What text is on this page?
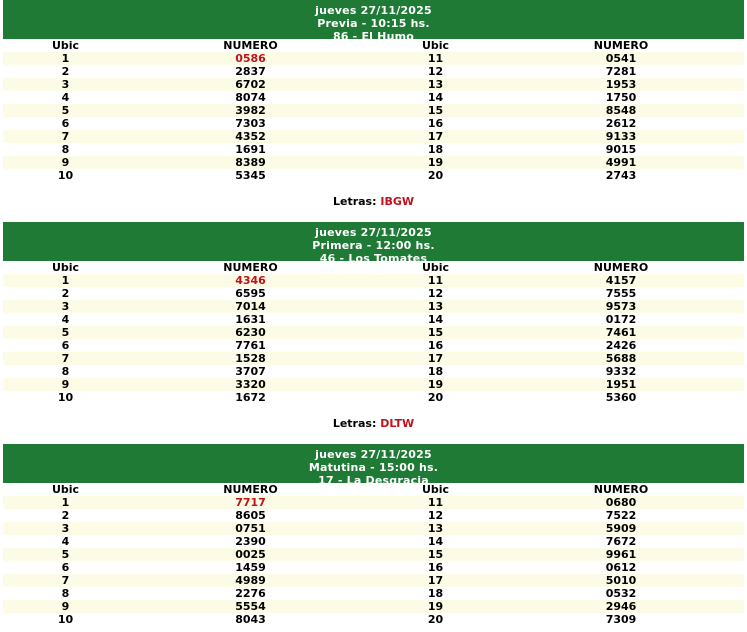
jueves 27/11/2025
Previa - 10:15 hs.
86 - El Humo
Ubic	NUMERO	Ubic	NUMERO
1	0586	11	0541
2	2837	12	7281
3	6702	13	1953
4	8074	14	1750
5	3982	15	8548
6	7303	16	2612
7	4352	17	9133
8	1691	18	9015
9	8389	19	4991
10	5345	20	2743
Letras: IBGW
jueves 27/11/2025
Primera - 12:00 hs.
46 - Los Tomates
Ubic	NUMERO	Ubic	NUMERO
1	4346	11	4157
2	6595	12	7555
3	7014	13	9573
4	1631	14	0172
5	6230	15	7461
6	7761	16	2426
7	1528	17	5688
8	3707	18	9332
9	3320	19	1951
10	1672	20	5360
Letras: DLTW
jueves 27/11/2025
Matutina - 15:00 hs.
17 - La Desgracia
Ubic	NUMERO	Ubic	NUMERO
1	7717	11	0680
2	8605	12	7522
3	0751	13	5909
4	2390	14	7672
5	0025	15	9961
6	1459	16	0612
7	4989	17	5010
8	2276	18	0532
9	5554	19	2946
10	8043	20	7309
